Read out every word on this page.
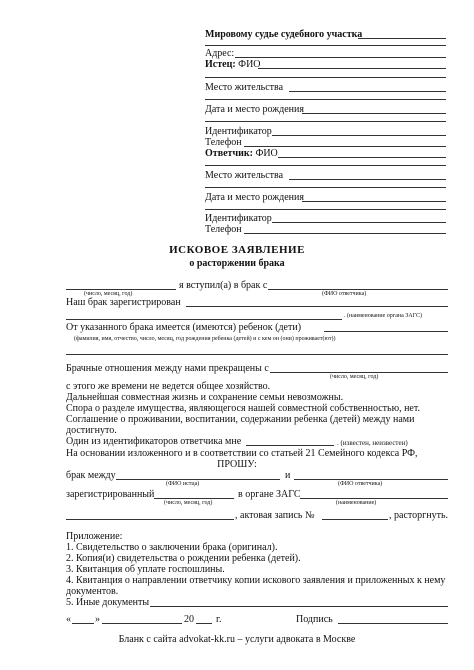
Мировому судье судебного участка
Адрес:
Истец: ФИО
Место жительства
Дата и место рождения
Идентификатор
Телефон
Ответчик: ФИО
Место жительства
Дата и место рождения
Идентификатор
Телефон
ИСКОВОЕ ЗАЯВЛЕНИЕ
о расторжении брака
я вступил(а) в брак с
(число, месяц, год)	(ФИО ответчика)
Наш брак зарегистрирован
. (наименование органа ЗАГС)
От указанного брака имеется (имеются) ребенок (дети)
(фамилия, имя, отчество, число, месяц, год рождения ребенка (детей) и с кем он (они) проживает(ют))
Брачные отношения между нами прекращены с
(число, месяц, год)
с этого же времени не ведется общее хозяйство.
Дальнейшая совместная жизнь и сохранение семьи невозможны.
Спора о разделе имущества, являющегося нашей совместной собственностью, нет.
Соглашение о проживании, воспитании, содержании ребенка (детей) между нами
достигнуто.
Один из идентификаторов ответчика мне	. (известен, неизвестен)
На основании изложенного и в соответствии со статьей 21 Семейного кодекса РФ,
ПРОШУ:
брак между	и
(ФИО истца)	(ФИО ответчика)
зарегистрированный	в органе ЗАГС
(число, месяц, год)	(наименование)
, актовая запись №	, расторгнуть.
Приложение:
1. Свидетельство о заключении брака (оригинал).
2. Копия(и) свидетельства о рождении ребенка (детей).
3. Квитанция об уплате госпошлины.
4. Квитанция о направлении ответчику копии искового заявления и приложенных к нему
документов.
5. Иные документы
« »	20 г.	Подпись
Бланк с сайта advokat-kk.ru – услуги адвоката в Москве
